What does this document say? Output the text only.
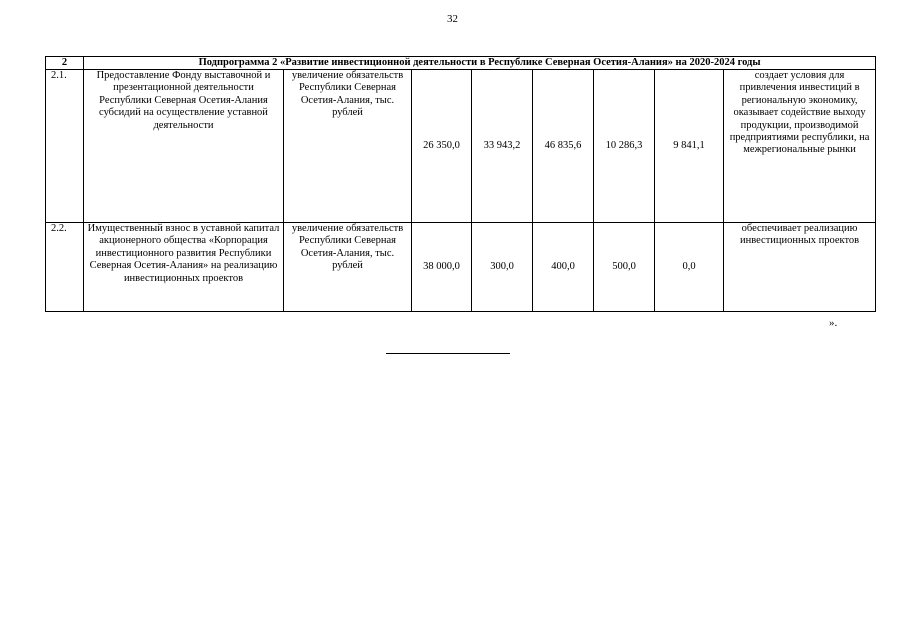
32
2	Подпрограмма 2 «Развитие инвестиционной деятельности в Республике Северная Осетия-Алания» на 2020-2024 годы							
2.1.	Предоставление Фонду выставочной и презентационной деятельности Республики Северная Осетия-Алания субсидий на осуществление уставной деятельности	увеличение обязательств Республики Северная Осетия-Алания, тыс. рублей	26 350,0	33 943,2	46 835,6	10 286,3	9 841,1	создает условия для привлечения инвестиций в региональную экономику, оказывает содействие выходу продукции, производимой предприятиями республики, на межрегиональные рынки
2.2.	Имущественный взнос в уставной капитал акционерного общества «Корпорация инвестиционного развития Республики Северная Осетия-Алания» на реализацию инвестиционных проектов	увеличение обязательств Республики Северная Осетия-Алания, тыс. рублей	38 000,0	300,0	400,0	500,0	0,0	обеспечивает реализацию инвестиционных проектов
».
